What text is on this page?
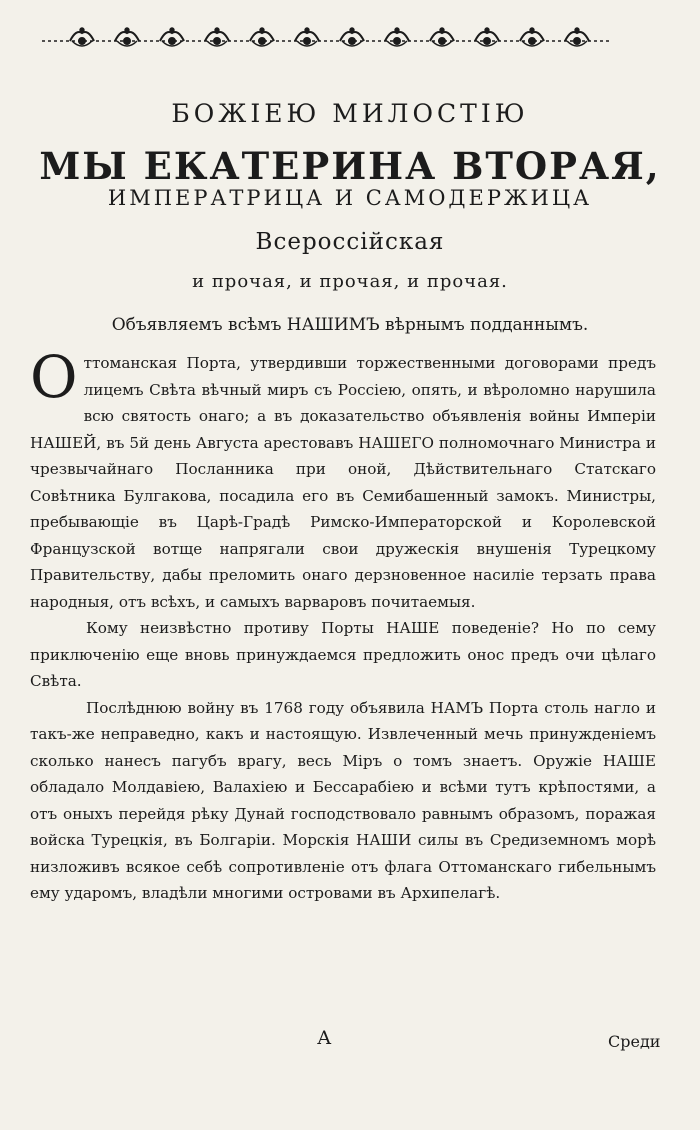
БОЖІЕЮ МИЛОСТІЮ
МЫ ЕКАТЕРИНА ВТОРАЯ,
ИМПЕРАТРИЦА И САМОДЕРЖИЦА
Всероссійская
и прочая, и прочая, и прочая.
Объявляемъ всѣмъ НАШИМЪ вѣрнымъ подданнымъ.

Оттоманская Порта, утвердивши торжественными договорами предъ лицемъ Свѣта вѣчный миръ съ Россіею, опять, и вѣроломно нарушила всю святость онаго; а въ доказательство объявленія войны Имперіи НАШЕЙ, въ 5й день Августа арестовавъ НАШЕГО полномочнаго Министра и чрезвычайнаго Посланника при оной, Дѣйствительнаго Статскаго Совѣтника Булгакова, посадила его въ Семибашенный замокъ. Министры, пребывающіе въ Царѣ-Градѣ Римско-Императорской и Королевской Французской вотще напрягали свои дружескія внушенія Турецкому Правительству, дабы преломить онаго дерзновенное насиліе терзать права народныя, отъ всѣхъ, и самыхъ варваровъ почитаемыя.

Кому неизвѣстно противу Порты НАШЕ поведеніе? Но по сему приключенію еще вновь принуждаемся предложить онос предъ очи цѣлаго Свѣта.

Послѣднюю войну въ 1768 году объявила НАМЪ Порта столь нагло и такъ-же неправедно, какъ и настоящую. Извлеченный мечь принужденіемъ сколько нанесъ пагубъ врагу, весь Міръ о томъ знаетъ. Оружіе НАШЕ обладало Молдавіею, Валахіею и Бессарабіею и всѣми тутъ крѣпостями, а отъ оныхъ перейдя рѣку Дунай господствовало равнымъ образомъ, поражая войска Турецкія, въ Болгаріи. Морскія НАШИ силы въ Средиземномъ морѣ низложивъ всякое себѣ сопротивленіе отъ флага Оттоманскаго гибельнымъ ему ударомъ, владѣли многими островами въ Архипелагѣ.

А	Среди
